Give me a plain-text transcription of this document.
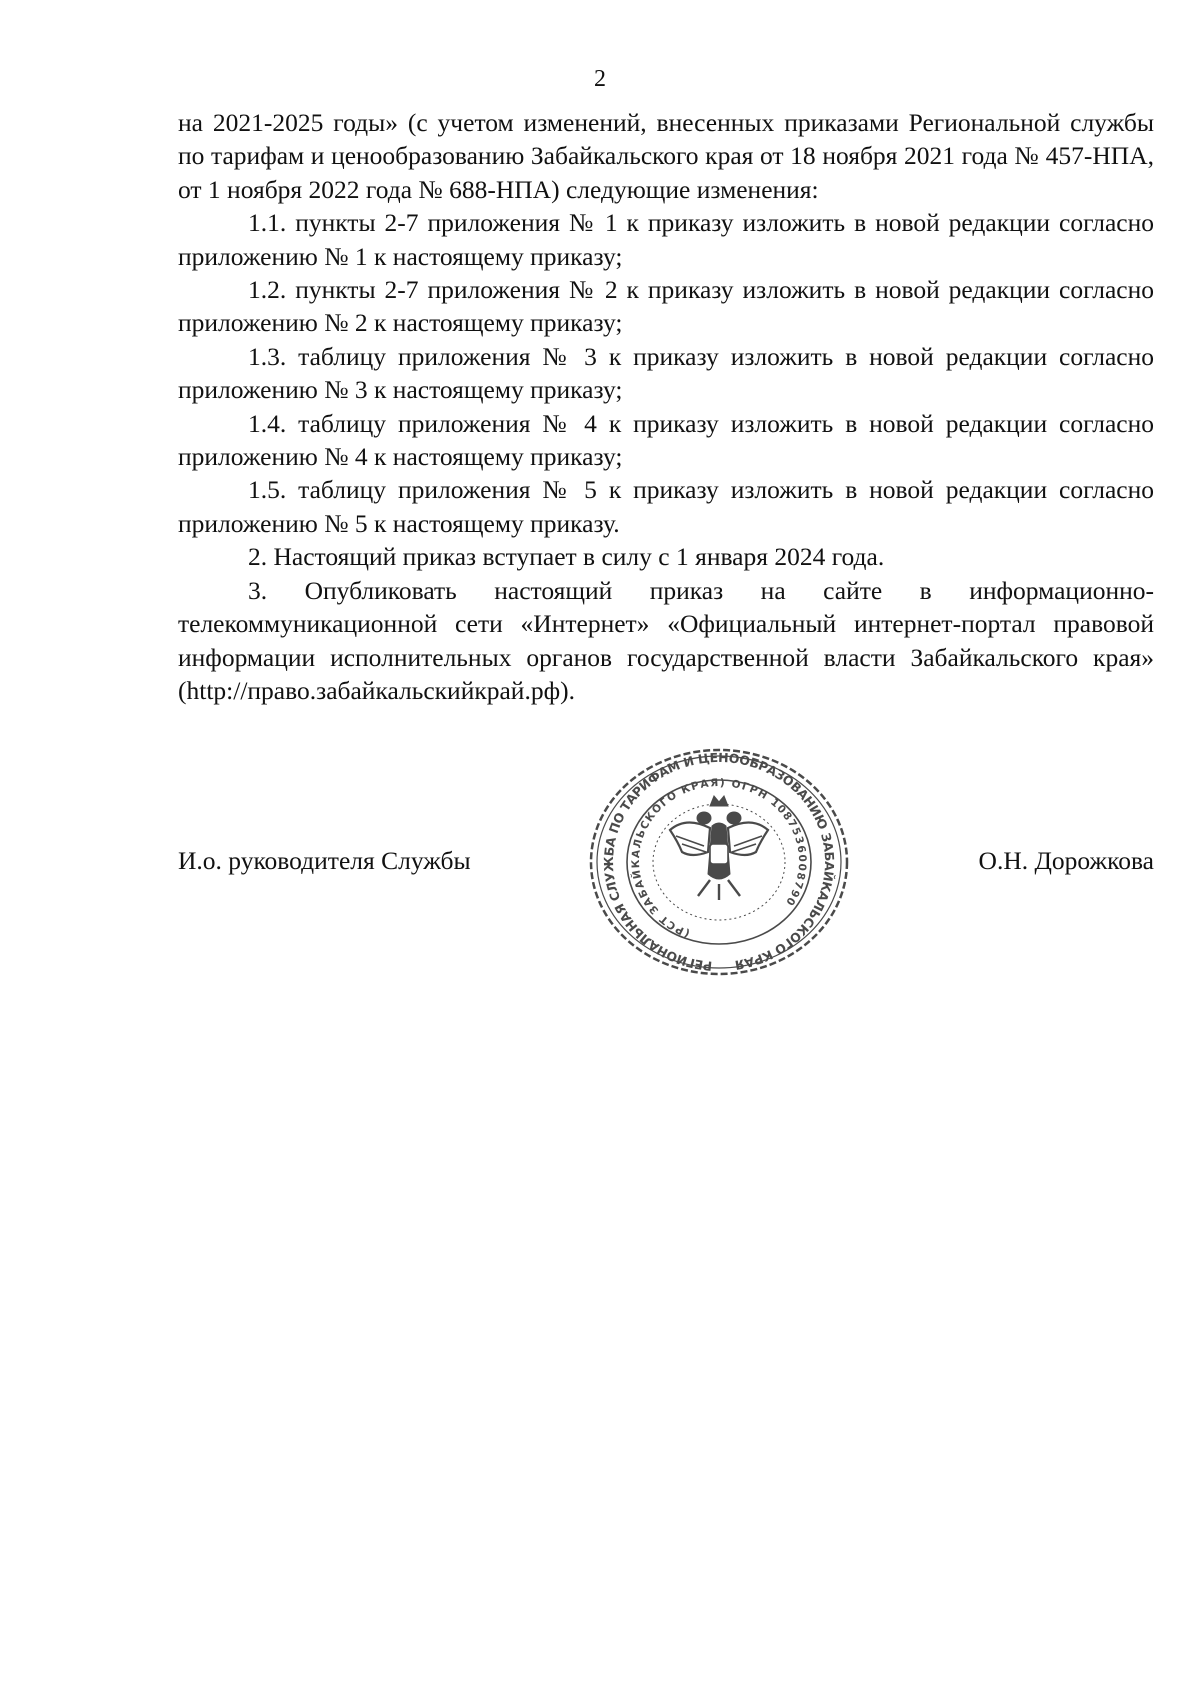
2

на 2021-2025 годы» (с учетом изменений, внесенных приказами Региональной службы по тарифам и ценообразованию Забайкальского края от 18 ноября 2021 года № 457-НПА, от 1 ноября 2022 года № 688-НПА) следующие изменения:

1.1. пункты 2-7 приложения № 1 к приказу изложить в новой редакции согласно приложению № 1 к настоящему приказу;

1.2. пункты 2-7 приложения № 2 к приказу изложить в новой редакции согласно приложению № 2 к настоящему приказу;

1.3. таблицу приложения № 3 к приказу изложить в новой редакции согласно приложению № 3 к настоящему приказу;

1.4. таблицу приложения № 4 к приказу изложить в новой редакции согласно приложению № 4 к настоящему приказу;

1.5. таблицу приложения № 5 к приказу изложить в новой редакции согласно приложению № 5 к настоящему приказу.

2. Настоящий приказ вступает в силу с 1 января 2024 года.

3. Опубликовать настоящий приказ на сайте в информационно-телекоммуникационной сети «Интернет» «Официальный интернет-портал правовой информации исполнительных органов государственной власти Забайкальского края» (http://право.забайкальскийкрай.рф).

РЕГИОНАЛЬНАЯ СЛУЖБА ПО ТАРИФАМ И ЦЕНООБРАЗОВАНИЮ ЗАБАЙКАЛЬСКОГО КРАЯ
(РСТ ЗАБАЙКАЛЬСКОГО КРАЯ) ОГРН 1087536008790
И.о. руководителя Службы	О.Н. Дорожкова
